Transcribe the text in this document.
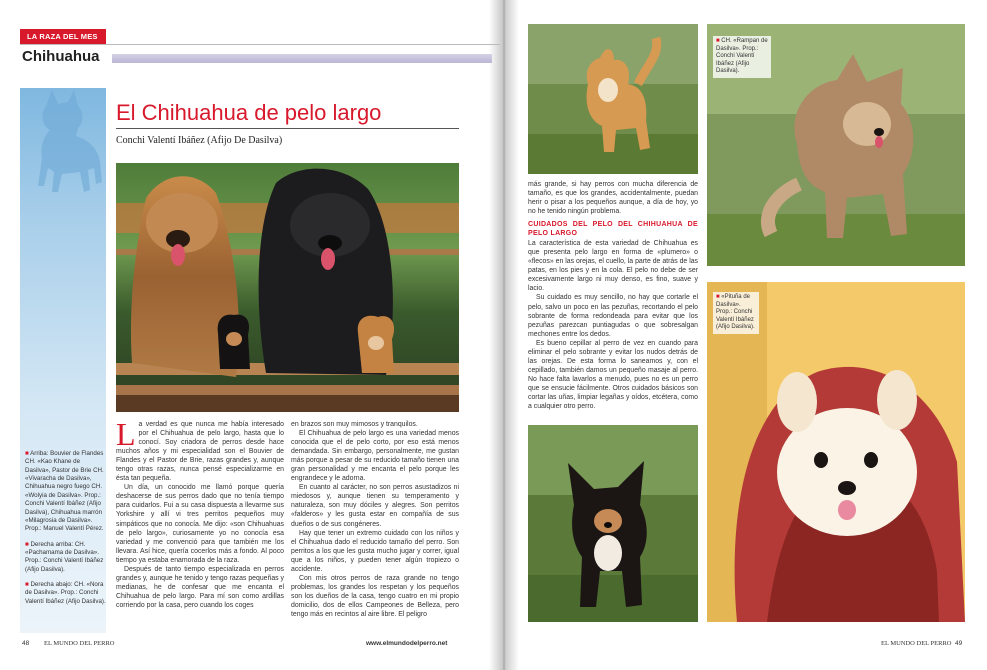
LA RAZA DEL MES
Chihuahua
El Chihuahua de pelo largo
Conchi Valentí Ibáñez (Afijo De Dasilva)

■ Arriba: Bouvier de Flandes CH. «Kao Khane de Dasilva», Pastor de Brie CH. «Vivaracha de Dasilva», Chihuahua negro fuego CH. «Wolyia de Dasilva». Prop.: Conchi Valentí Ibáñez (Afijo Dasilva), Chihuahua marrón «Milagrosia de Dasilva». Prop.: Manuel Valentí Pérez.

■ Derecha arriba: CH. «Pachamama de Dasilva». Prop.: Conchi Valentí Ibáñez (Afijo Dasilva).

■ Derecha abajo: CH. «Nora de Dasilva». Prop.: Conchi Valentí Ibáñez (Afijo Dasilva).

L a verdad es que nunca me había interesado por el Chihuahua de pelo largo, hasta que lo conocí. Soy criadora de perros desde hace muchos años y mi especialidad son el Bouvier de Flandes y el Pastor de Brie, razas grandes y, aunque tengo otras razas, nunca pensé especializarme en ésta tan pequeña.

Un día, un conocido me llamó porque quería deshacerse de sus perros dado que no tenía tiempo para cuidarlos. Fui a su casa dispuesta a llevarme sus Yorkshire y allí vi tres perritos pequeños muy simpáticos que no conocía. Me dijo: «son Chihuahuas de pelo largo», curiosamente yo no conocía esa variedad y me convenció para que también me los llevara. Así hice, quería cocerlos más a fondo. Al poco tiempo ya estaba enamorada de la raza.

Después de tanto tiempo especializada en perros grandes y, aunque he tenido y tengo razas pequeñas y medianas, he de confesar que me encanta el Chihuahua de pelo largo. Para mí son como ardillas corriendo por la casa, pero cuando los coges

en brazos son muy mimosos y tranquilos.

El Chihuahua de pelo largo es una variedad menos conocida que el de pelo corto, por eso está menos demandada. Sin embargo, personalmente, me gustan más porque a pesar de su reducido tamaño tienen una gran personalidad y me encanta el pelo porque les engrandece y le adorna.

En cuanto al carácter, no son perros asustadizos ni miedosos y, aunque tienen su temperamento y naturaleza, son muy dóciles y alegres. Son perritos «falderos» y les gusta estar en compañía de sus dueños o de sus congéneres.

Hay que tener un extremo cuidado con los niños y el Chihuahua dado el reducido tamaño del perro. Son perritos a los que les gusta mucho jugar y correr, igual que a los niños, y pueden tener algún tropiezo o accidente.

Con mis otros perros de raza grande no tengo problemas, los grandes los respetan y los pequeños son los dueños de la casa, tengo cuatro en mi propio domicilio, dos de ellos Campeones de Belleza, pero tengo más en recintos al aire libre. El peligro

■ CH. «Rampan de Dasilva». Prop.: Conchi Valentí Ibáñez (Afijo Dasilva).
■ «Pituña de Dasilva». Prop.: Conchi Valentí Ibáñez (Afijo Dasilva).

más grande, si hay perros con mucha diferencia de tamaño, es que los grandes, accidentalmente, puedan herir o pisar a los pequeños aunque, a día de hoy, yo no he tenido ningún problema.

CUIDADOS DEL PELO DEL CHIHUAHUA DE PELO LARGO

La característica de esta variedad de Chihuahua es que presenta pelo largo en forma de «plumero» o «flecos» en las orejas, el cuello, la parte de atrás de las patas, en los pies y en la cola. El pelo no debe de ser excesivamente largo ni muy denso, es fino, suave y lacio.

Su cuidado es muy sencillo, no hay que cortarle el pelo, salvo un poco en las pezuñas, recortando el pelo sobrante de forma redondeada para evitar que los pezuñas parezcan puntiagudas o que sobresalgan mechones entre los dedos.

Es bueno cepillar al perro de vez en cuando para eliminar el pelo sobrante y evitar los nudos detrás de las orejas. De esta forma lo saneamos y, con el cepillado, también damos un pequeño masaje al perro. No hace falta lavarlos a menudo, pues no es un perro que se ensucie fácilmente. Otros cuidados básicos son cortar las uñas, limpiar legañas y oídos, etcétera, como a cualquier otro perro.

48 EL MUNDO DEL PERRO	www.elmundodelperro.net	EL MUNDO DEL PERRO 49
